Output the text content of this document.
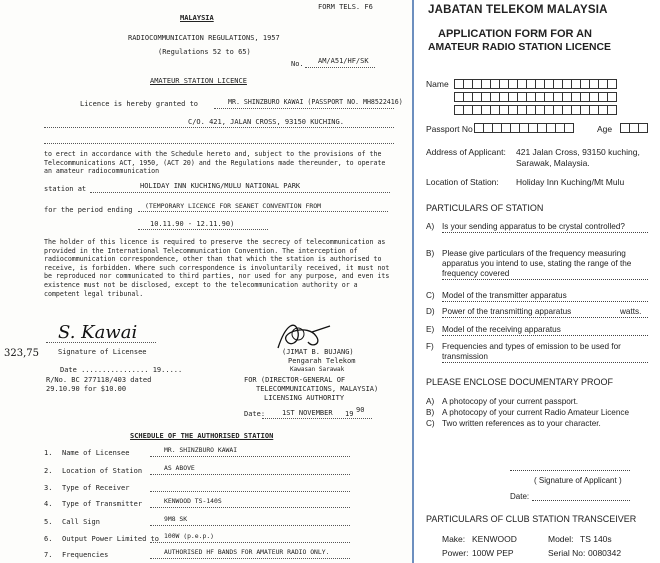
FORM TELS. F6
MALAYSIA
RADIOCOMMUNICATION REGULATIONS, 1957
(Regulations 52 to 65)
No. AM/A51/HF/SK
AMATEUR STATION LICENCE
Licence is hereby granted to	MR. SHINZBURO KAWAI (PASSPORT NO. MH8522416)
C/O. 421, JALAN CROSS, 93150 KUCHING.
to erect in accordance with the Schedule hereto and, subject to the provisions of the Telecommunications ACT, 1950, (ACT 20) and the Regulations made thereunder, to operate an amateur radiocommunication
station at	HOLIDAY INN KUCHING/MULU NATIONAL PARK
for the period ending (TEMPORARY LICENCE FOR SEANET CONVENTION FROM
10.11.90 - 12.11.90)
The holder of this licence is required to preserve the secrecy of telecommunication as provided in the International Telecommunication Convention. The interception of radiocommunication correspondence, other than that which the station is authorised to receive, is forbidden. Where such correspondence is involuntarily received, it must not be reproduced nor communicated to third parties, nor used for any purpose, and even its existence must not be disclosed, except to the telecommunication authority or a competent legal tribunal.
S. Kawai
Signature of Licensee
323,75
Date ................ 19.....
R/No. BC 277118/403 dated
29.10.90 for $10.00
(JIMAT B. BUJANG)
Pengarah Telekom
Kawasan Sarawak
FOR (DIRECTOR-GENERAL OF
TELECOMMUNICATIONS, MALAYSIA)
LICENSING AUTHORITY
Date: 1ST NOVEMBER 19 90
SCHEDULE OF THE AUTHORISED STATION
1. Name of Licensee	MR. SHINZBURO KAWAI
2. Location of Station	AS ABOVE
3. Type of Receiver
4. Type of Transmitter	KENWOOD TS-140S
5. Call Sign	9M8 SK
6. Output Power Limited to 100W (p.e.p.)
7. Frequencies	AUTHORISED HF BANDS FOR AMATEUR RADIO ONLY.
JABATAN TELEKOM MALAYSIA
APPLICATION FORM FOR AN
AMATEUR RADIO STATION LICENCE
Name
Passport No	Age
Address of Applicant: 421 Jalan Cross, 93150 kuching,
Sarawak, Malaysia.
Location of Station: Holiday Inn Kuching/Mt Mulu
PARTICULARS OF STATION
A) Is your sending apparatus to be crystal controlled?
B) Please give particulars of the frequency measuring apparatus you intend to use, stating the range of the frequency covered
C) Model of the transmitter apparatus
D) Power of the transmitting apparatus	watts.
E) Model of the receiving apparatus
F) Frequencies and types of emission to be used for transmission
PLEASE ENCLOSE DOCUMENTARY PROOF
A) A photocopy of your current passport.
B) A photocopy of your current Radio Amateur Licence
C) Two written references as to your character.
( Signature of Applicant )
Date:
PARTICULARS OF CLUB STATION TRANSCEIVER
Make: KENWOOD	Model: TS 140s
Power: 100W PEP	Serial No: 0080342
